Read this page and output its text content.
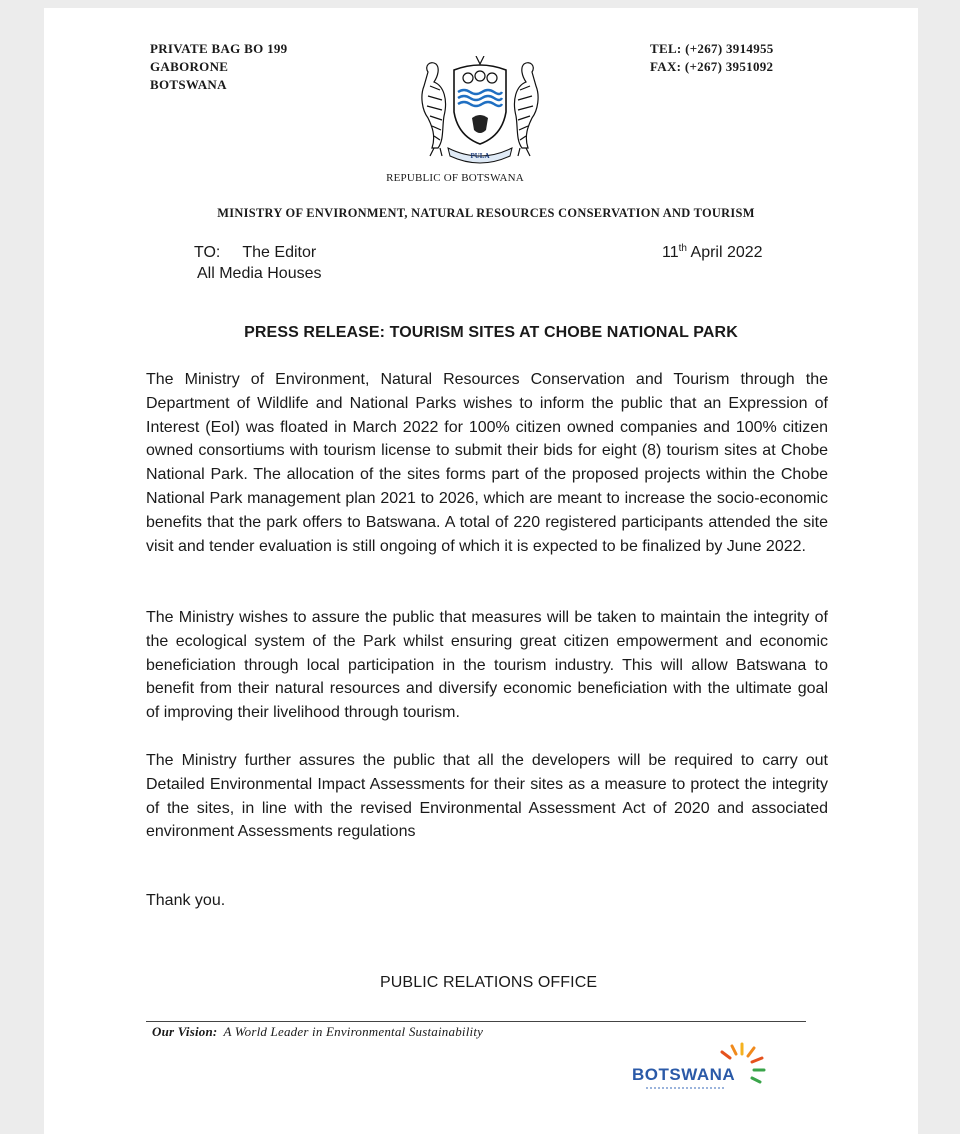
PRIVATE BAG BO 199
GABORONE
BOTSWANA
TEL: (+267) 3914955
FAX: (+267) 3951092
PULA
REPUBLIC OF BOTSWANA
MINISTRY OF ENVIRONMENT, NATURAL RESOURCES CONSERVATION AND TOURISM
TO: The Editor
All Media Houses
11th April 2022
PRESS RELEASE: TOURISM SITES AT CHOBE NATIONAL PARK

The Ministry of Environment, Natural Resources Conservation and Tourism through the Department of Wildlife and National Parks wishes to inform the public that an Expression of Interest (EoI) was floated in March 2022 for 100% citizen owned companies and 100% citizen owned consortiums with tourism license to submit their bids for eight (8) tourism sites at Chobe National Park. The allocation of the sites forms part of the proposed projects within the Chobe National Park management plan 2021 to 2026, which are meant to increase the socio-economic benefits that the park offers to Batswana. A total of 220 registered participants attended the site visit and tender evaluation is still ongoing of which it is expected to be finalized by June 2022.

The Ministry wishes to assure the public that measures will be taken to maintain the integrity of the ecological system of the Park whilst ensuring great citizen empowerment and economic beneficiation through local participation in the tourism industry. This will allow Batswana to benefit from their natural resources and diversify economic beneficiation with the ultimate goal of improving their livelihood through tourism.

The Ministry further assures the public that all the developers will be required to carry out Detailed Environmental Impact Assessments for their sites as a measure to protect the integrity of the sites, in line with the revised Environmental Assessment Act of 2020 and associated environment Assessments regulations

Thank you.
PUBLIC RELATIONS OFFICE
Our Vision: A World Leader in Environmental Sustainability
BOTSWANA
